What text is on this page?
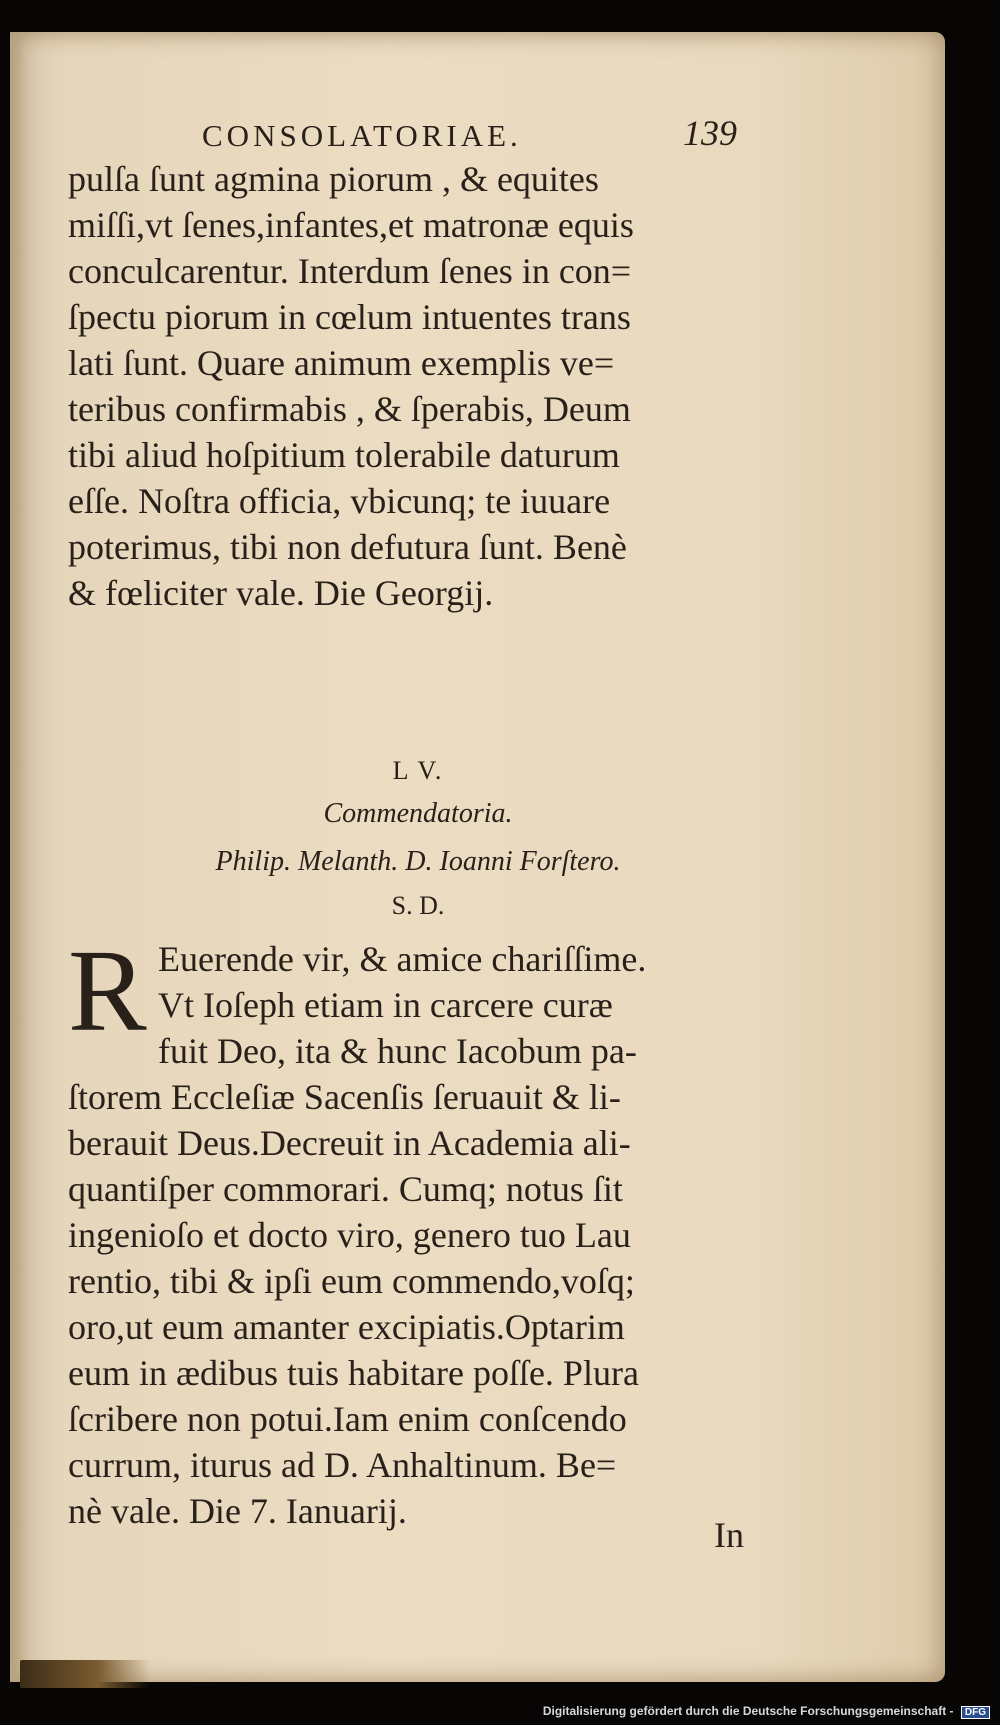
CONSOLATORIAE.	139

pulſa ſunt agmina piorum , & equites

miſſi,vt ſenes,infantes,et matronæ equis

conculcarentur. Interdum ſenes in con=

ſpectu piorum in cœlum intuentes trans

lati ſunt. Quare animum exemplis ve=

teribus confirmabis , & ſperabis, Deum

tibi aliud hoſpitium tolerabile daturum

eſſe. Noſtra officia, vbicunq; te iuuare

poterimus, tibi non defutura ſunt. Benè

& fœliciter vale. Die Georgij.

L V.
Commendatoria.
Philip. Melanth. D. Ioanni Forſtero.
S. D.
R Euerende vir, & amice chariſſime.

Vt Ioſeph etiam in carcere curæ

fuit Deo, ita & hunc Iacobum pa-

ſtorem Eccleſiæ Sacenſis ſeruauit & li-

berauit Deus.Decreuit in Academia ali-

quantiſper commorari. Cumq; notus ſit

ingenioſo et docto viro, genero tuo Lau

rentio, tibi & ipſi eum commendo,voſq;

oro,ut eum amanter excipiatis.Optarim

eum in ædibus tuis habitare poſſe. Plura

ſcribere non potui.Iam enim conſcendo

currum, iturus ad D. Anhaltinum. Be=

nè vale. Die 7. Ianuarij.

In
Digitalisierung gefördert durch die Deutsche Forschungsgemeinschaft - DFG
